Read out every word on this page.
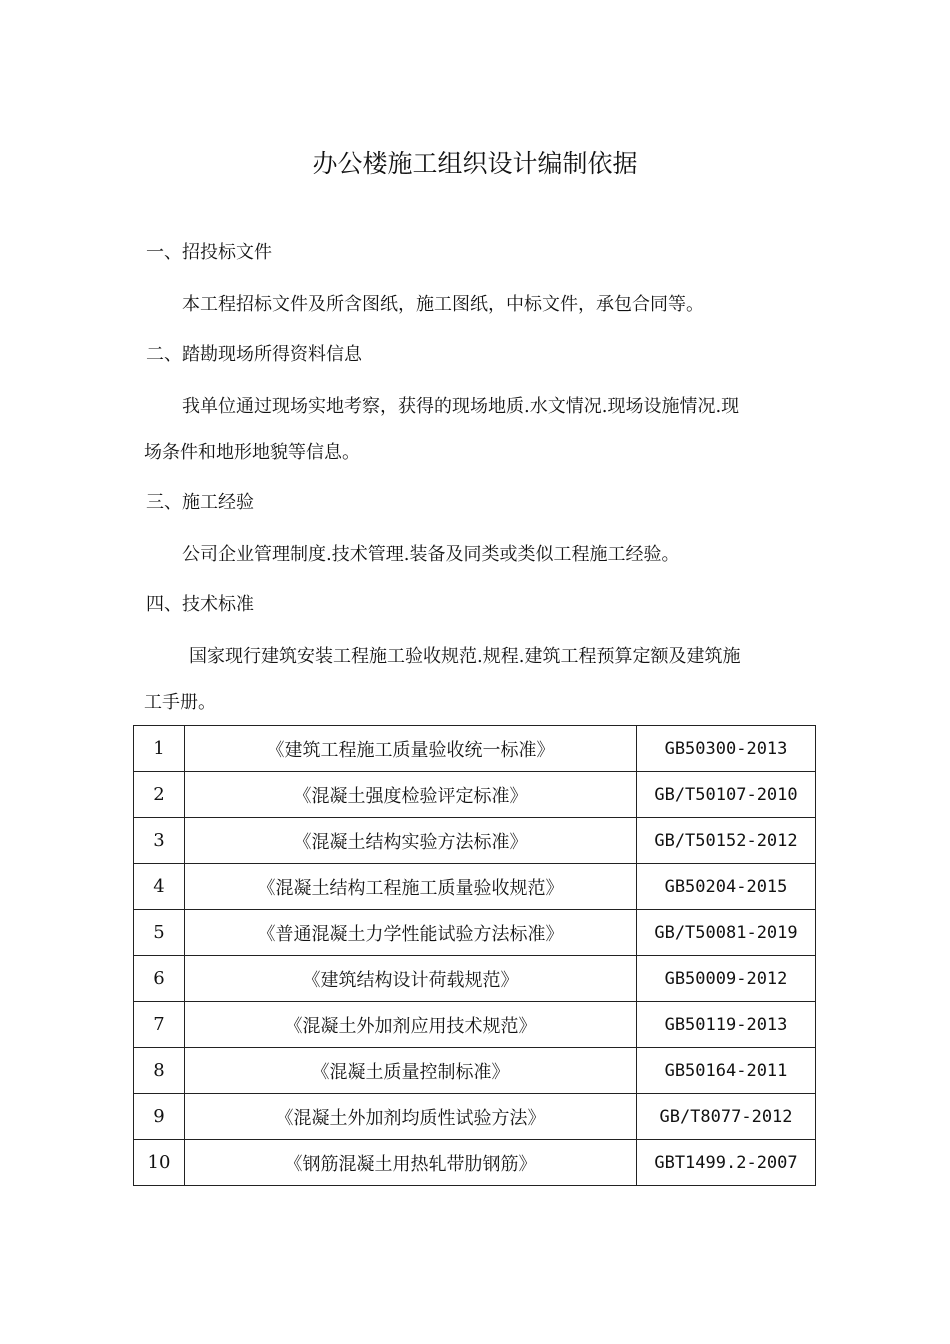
办公楼施工组织设计编制依据
一、招投标文件
本工程招标文件及所含图纸，施工图纸，中标文件，承包合同等。
二、踏勘现场所得资料信息
我单位通过现场实地考察，获得的现场地质.水文情况.现场设施情况.现
场条件和地形地貌等信息。
三、施工经验
公司企业管理制度.技术管理.装备及同类或类似工程施工经验。
四、技术标准
国家现行建筑安装工程施工验收规范.规程.建筑工程预算定额及建筑施
工手册。
1	《建筑工程施工质量验收统一标准》	GB50300-2013
2	《混凝土强度检验评定标准》	GB/T50107-2010
3	《混凝土结构实验方法标准》	GB/T50152-2012
4	《混凝土结构工程施工质量验收规范》	GB50204-2015
5	《普通混凝土力学性能试验方法标准》	GB/T50081-2019
6	《建筑结构设计荷载规范》	GB50009-2012
7	《混凝土外加剂应用技术规范》	GB50119-2013
8	《混凝土质量控制标准》	GB50164-2011
9	《混凝土外加剂均质性试验方法》	GB/T8077-2012
10	《钢筋混凝土用热轧带肋钢筋》	GBT1499.2-2007
